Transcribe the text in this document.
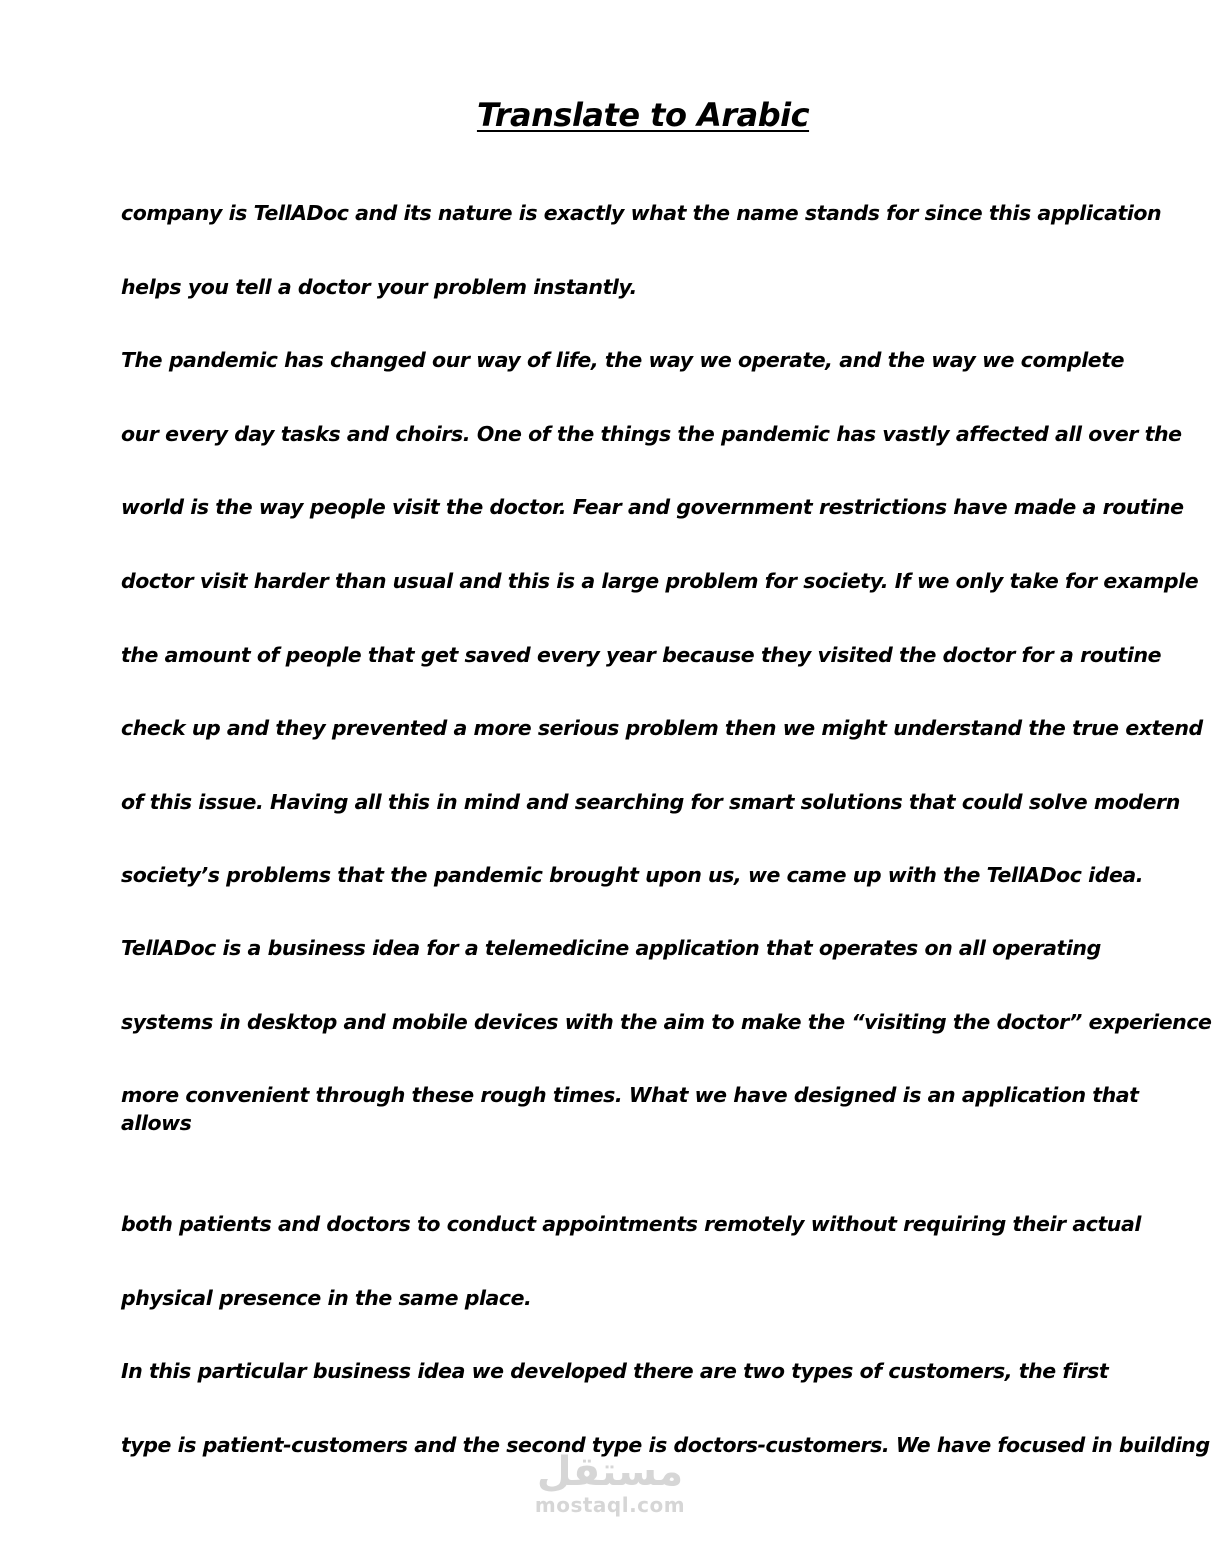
Translate to Arabic
company is TellADoc and its nature is exactly what the name stands for since this application
helps you tell a doctor your problem instantly.
The pandemic has changed our way of life, the way we operate, and the way we complete
our every day tasks and choirs. One of the things the pandemic has vastly affected all over the
world is the way people visit the doctor. Fear and government restrictions have made a routine
doctor visit harder than usual and this is a large problem for society. If we only take for example
the amount of people that get saved every year because they visited the doctor for a routine
check up and they prevented a more serious problem then we might understand the true extend
of this issue. Having all this in mind and searching for smart solutions that could solve modern
society’s problems that the pandemic brought upon us, we came up with the TellADoc idea.
TellADoc is a business idea for a telemedicine application that operates on all operating
systems in desktop and mobile devices with the aim to make the “visiting the doctor” experience
more convenient through these rough times. What we have designed is an application that
allows
both patients and doctors to conduct appointments remotely without requiring their actual
physical presence in the same place.
In this particular business idea we developed there are two types of customers, the first
type is patient-customers and the second type is doctors-customers. We have focused in building
مستقل
mostaql.com
